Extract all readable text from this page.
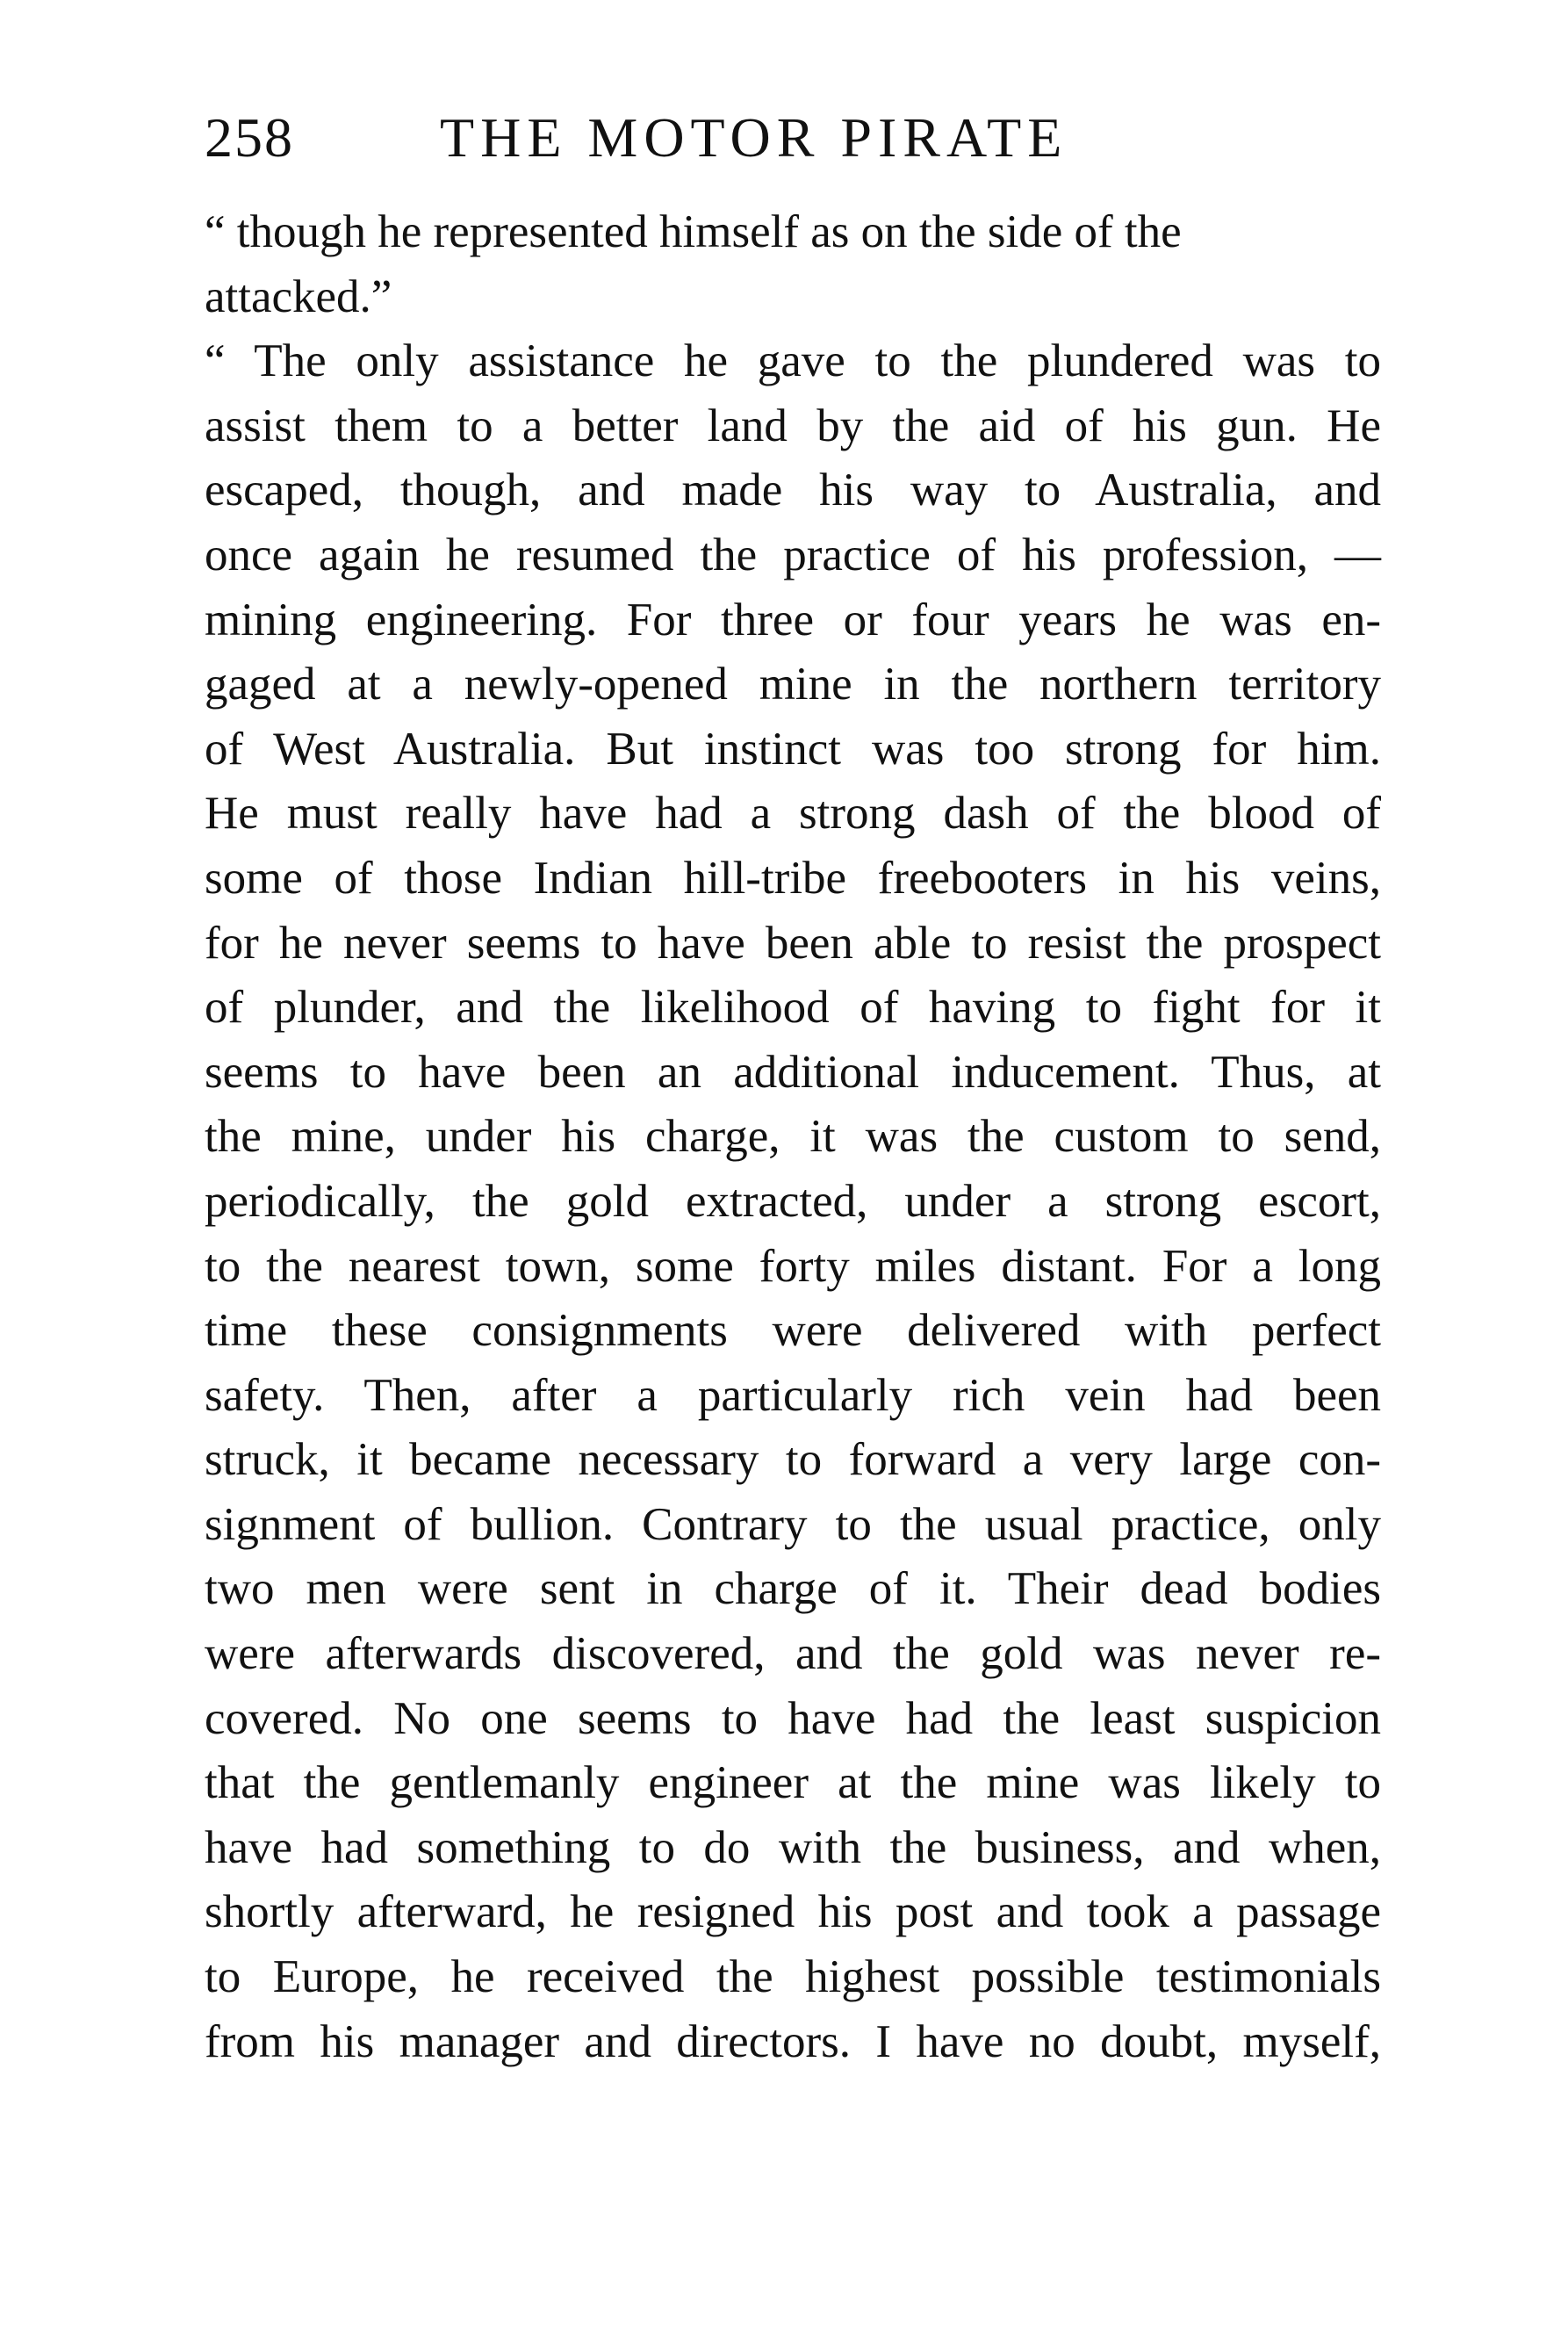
258	THE MOTOR PIRATE
“ though he represented himself as on the side of the
attacked.”
“ The only assistance he gave to the plundered was to
assist them to a better land by the aid of his gun. He
escaped, though, and made his way to Australia, and
once again he resumed the practice of his profession, —
mining engineering. For three or four years he was en-
gaged at a newly-opened mine in the northern territory
of West Australia. But instinct was too strong for him.
He must really have had a strong dash of the blood of
some of those Indian hill-tribe freebooters in his veins,
for he never seems to have been able to resist the prospect
of plunder, and the likelihood of having to fight for it
seems to have been an additional inducement. Thus, at
the mine, under his charge, it was the custom to send,
periodically, the gold extracted, under a strong escort,
to the nearest town, some forty miles distant. For a long
time these consignments were delivered with perfect
safety. Then, after a particularly rich vein had been
struck, it became necessary to forward a very large con-
signment of bullion. Contrary to the usual practice, only
two men were sent in charge of it. Their dead bodies
were afterwards discovered, and the gold was never re-
covered. No one seems to have had the least suspicion
that the gentlemanly engineer at the mine was likely to
have had something to do with the business, and when,
shortly afterward, he resigned his post and took a passage
to Europe, he received the highest possible testimonials
from his manager and directors. I have no doubt, myself,
